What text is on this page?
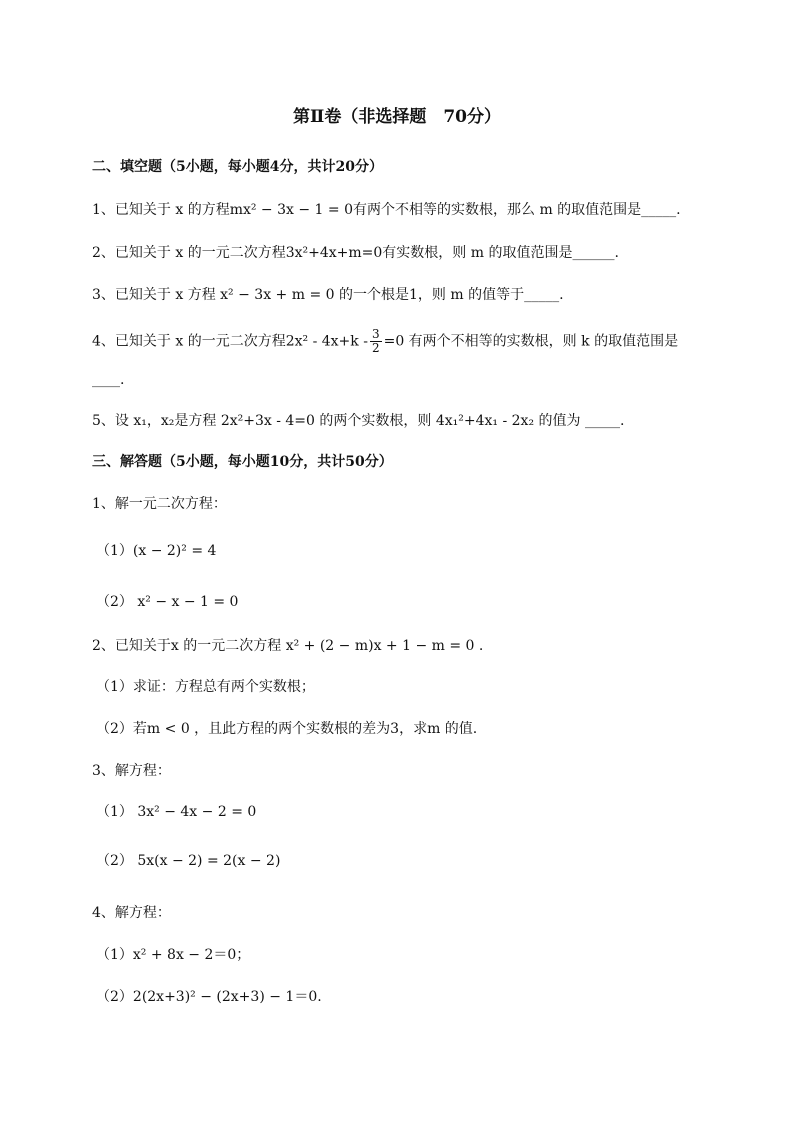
第Ⅱ卷（非选择题　70分）
二、填空题（5小题，每小题4分，共计20分）
1、已知关于 x 的方程mx² − 3x − 1 = 0有两个不相等的实数根，那么 m 的取值范围是_____.
2、已知关于 x 的一元二次方程3x²+4x+m=0有实数根，则 m 的取值范围是______.
3、已知关于 x 方程 x² − 3x + m = 0 的一个根是1，则 m 的值等于_____.
4、已知关于 x 的一元二次方程$2x^2 - 4x+k - \frac{3}{2} =0$ 有两个不相等的实数根，则 k 的取值范围是
____.
5、设 x₁，x₂是方程 2x²+3x - 4=0 的两个实数根，则 4x₁²+4x₁ - 2x₂ 的值为 _____.
三、解答题（5小题，每小题10分，共计50分）
1、解一元二次方程：
（1）(x − 2)² = 4
（2） x² − x − 1 = 0
2、已知关于x 的一元二次方程 x² + (2 − m)x + 1 − m = 0 .
（1）求证：方程总有两个实数根；
（2）若m < 0 ，且此方程的两个实数根的差为3，求m 的值.
3、解方程：
（1） 3x² − 4x − 2 = 0
（2） 5x(x − 2) = 2(x − 2)
4、解方程：
（1）x² + 8x − 2＝0；
（2）2(2x+3)² − (2x+3) − 1＝0.
